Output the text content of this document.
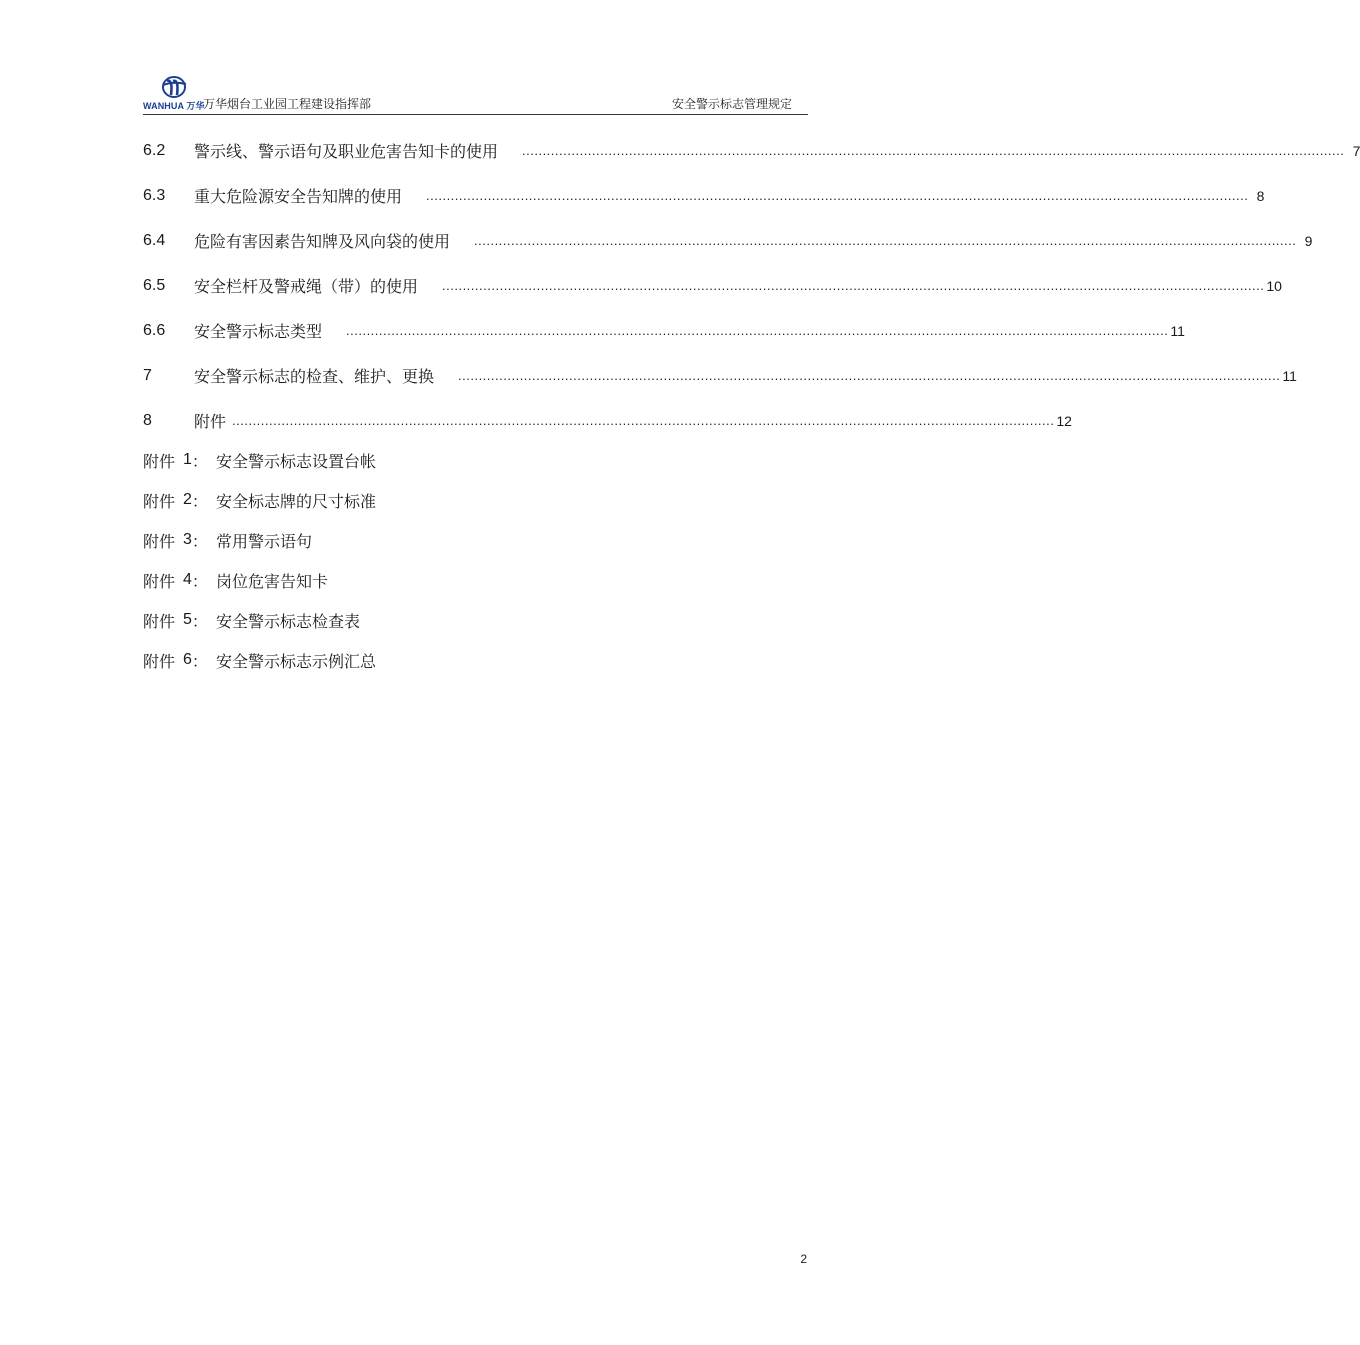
WANHUA 万华
万华烟台工业园工程建设指挥部	安全警示标志管理规定
6.2	警示线、警示语句及职业危害告知卡的使用	........................................................................................................................................................................................................ 7
6.3	重大危险源安全告知牌的使用	........................................................................................................................................................................................................ 8
6.4	危险有害因素告知牌及风向袋的使用	........................................................................................................................................................................................................ 9
6.5	安全栏杆及警戒绳（带）的使用	........................................................................................................................................................................................................ 10
6.6	安全警示标志类型	........................................................................................................................................................................................................ 11
7	安全警示标志的检查、维护、更换	........................................................................................................................................................................................................ 11
8	附件 ........................................................................................................................................................................................................ 12
附件 1 ： 安全警示标志设置台帐
附件 2 ： 安全标志牌的尺寸标准
附件 3 ： 常用警示语句
附件 4 ： 岗位危害告知卡
附件 5 ： 安全警示标志检查表
附件 6 ： 安全警示标志示例汇总
2
